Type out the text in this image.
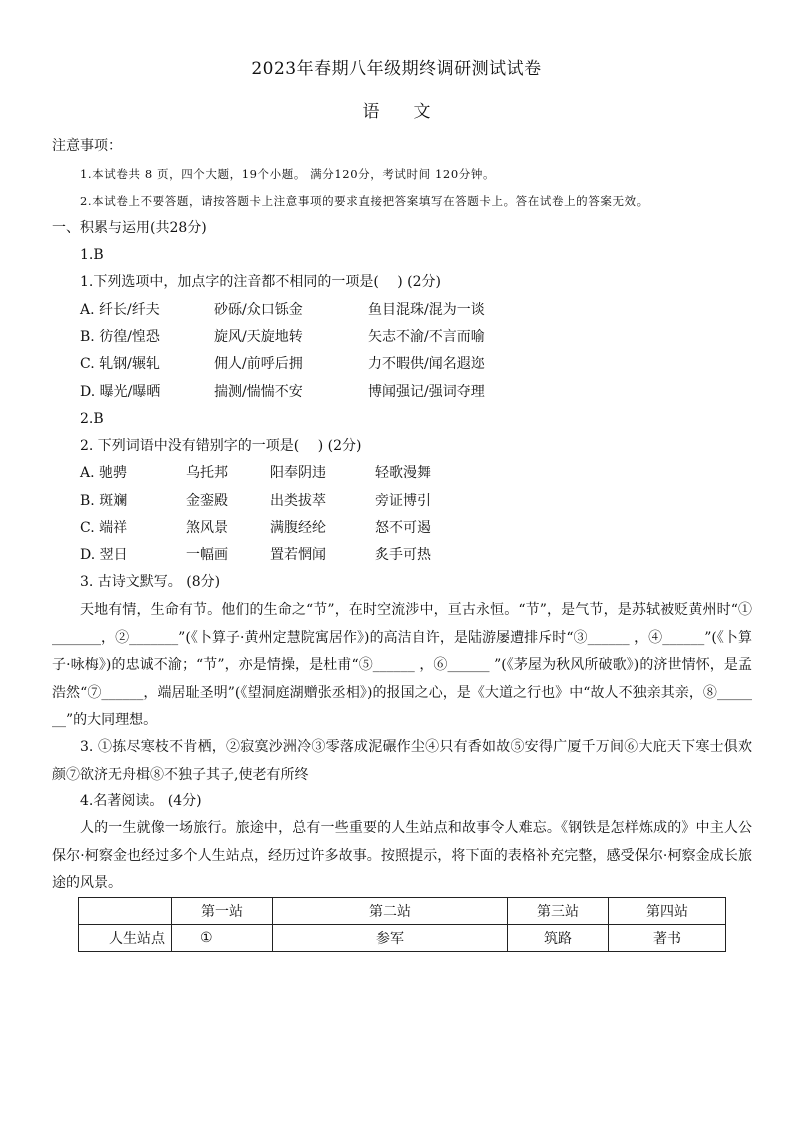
2023年春期八年级期终调研测试试卷
语文
注意事项：
1.本试卷共 8 页，四个大题，19个小题。 满分120分，考试时间 120分钟。
2.本试卷上不要答题，请按答题卡上注意事项的要求直接把答案填写在答题卡上。答在试卷上的答案无效。
一、积累与运用(共28分)
1.B
1.下列选项中，加点字的注音都不相同的一项是(　 ) (2分)
A. 纤长/纤夫	砂砾/众口铄金	鱼目混珠/混为一谈
B. 彷徨/惶恐	旋风/天旋地转	矢志不渝/不言而喻
C. 轧钢/辗轧	佣人/前呼后拥	力不暇供/闻名遐迩
D. 曝光/曝晒	揣测/惴惴不安	博闻强记/强词夺理
2.B
2. 下列词语中没有错别字的一项是(　 ) (2分)
A. 驰骋	乌托邦	阳奉阴违	轻歌漫舞
B. 斑斓	金銮殿	出类拔萃	旁证博引
C. 端祥	煞风景	满腹经纶	怒不可遏
D. 翌日	一幅画	置若惘闻	炙手可热
3. 古诗文默写。 (8分)
天地有情，生命有节。他们的生命之“节”，在时空流涉中，亘古永恒。“节”，是气节，是苏轼被贬黄州时“①_______，②_______”(《卜算子·黄州定慧院寓居作》)的高洁自许，是陆游屡遭排斥时“③______ ，④______”(《卜算子·咏梅》)的忠诚不渝；“节”，亦是情操，是杜甫“⑤______ ，⑥______ ”(《茅屋为秋风所破歌》)的济世情怀，是孟浩然“⑦______，端居耻圣明”(《望洞庭湖赠张丞相》)的报国之心，是《大道之行也》中“故人不独亲其亲，⑧_______”的大同理想。
3. ①拣尽寒枝不肯栖，②寂寞沙洲冷③零落成泥碾作尘④只有香如故⑤安得广厦千万间⑥大庇天下寒士俱欢颜⑦欲济无舟楫⑧不独子其子,使老有所终
4.名著阅读。 (4分)
人的一生就像一场旅行。旅途中，总有一些重要的人生站点和故事令人难忘。《钢铁是怎样炼成的》中主人公保尔·柯察金也经过多个人生站点，经历过许多故事。按照提示，将下面的表格补充完整，感受保尔·柯察金成长旅途的风景。
	第一站	第二站	第三站	第四站
人生站点	①	参军	筑路	著书
